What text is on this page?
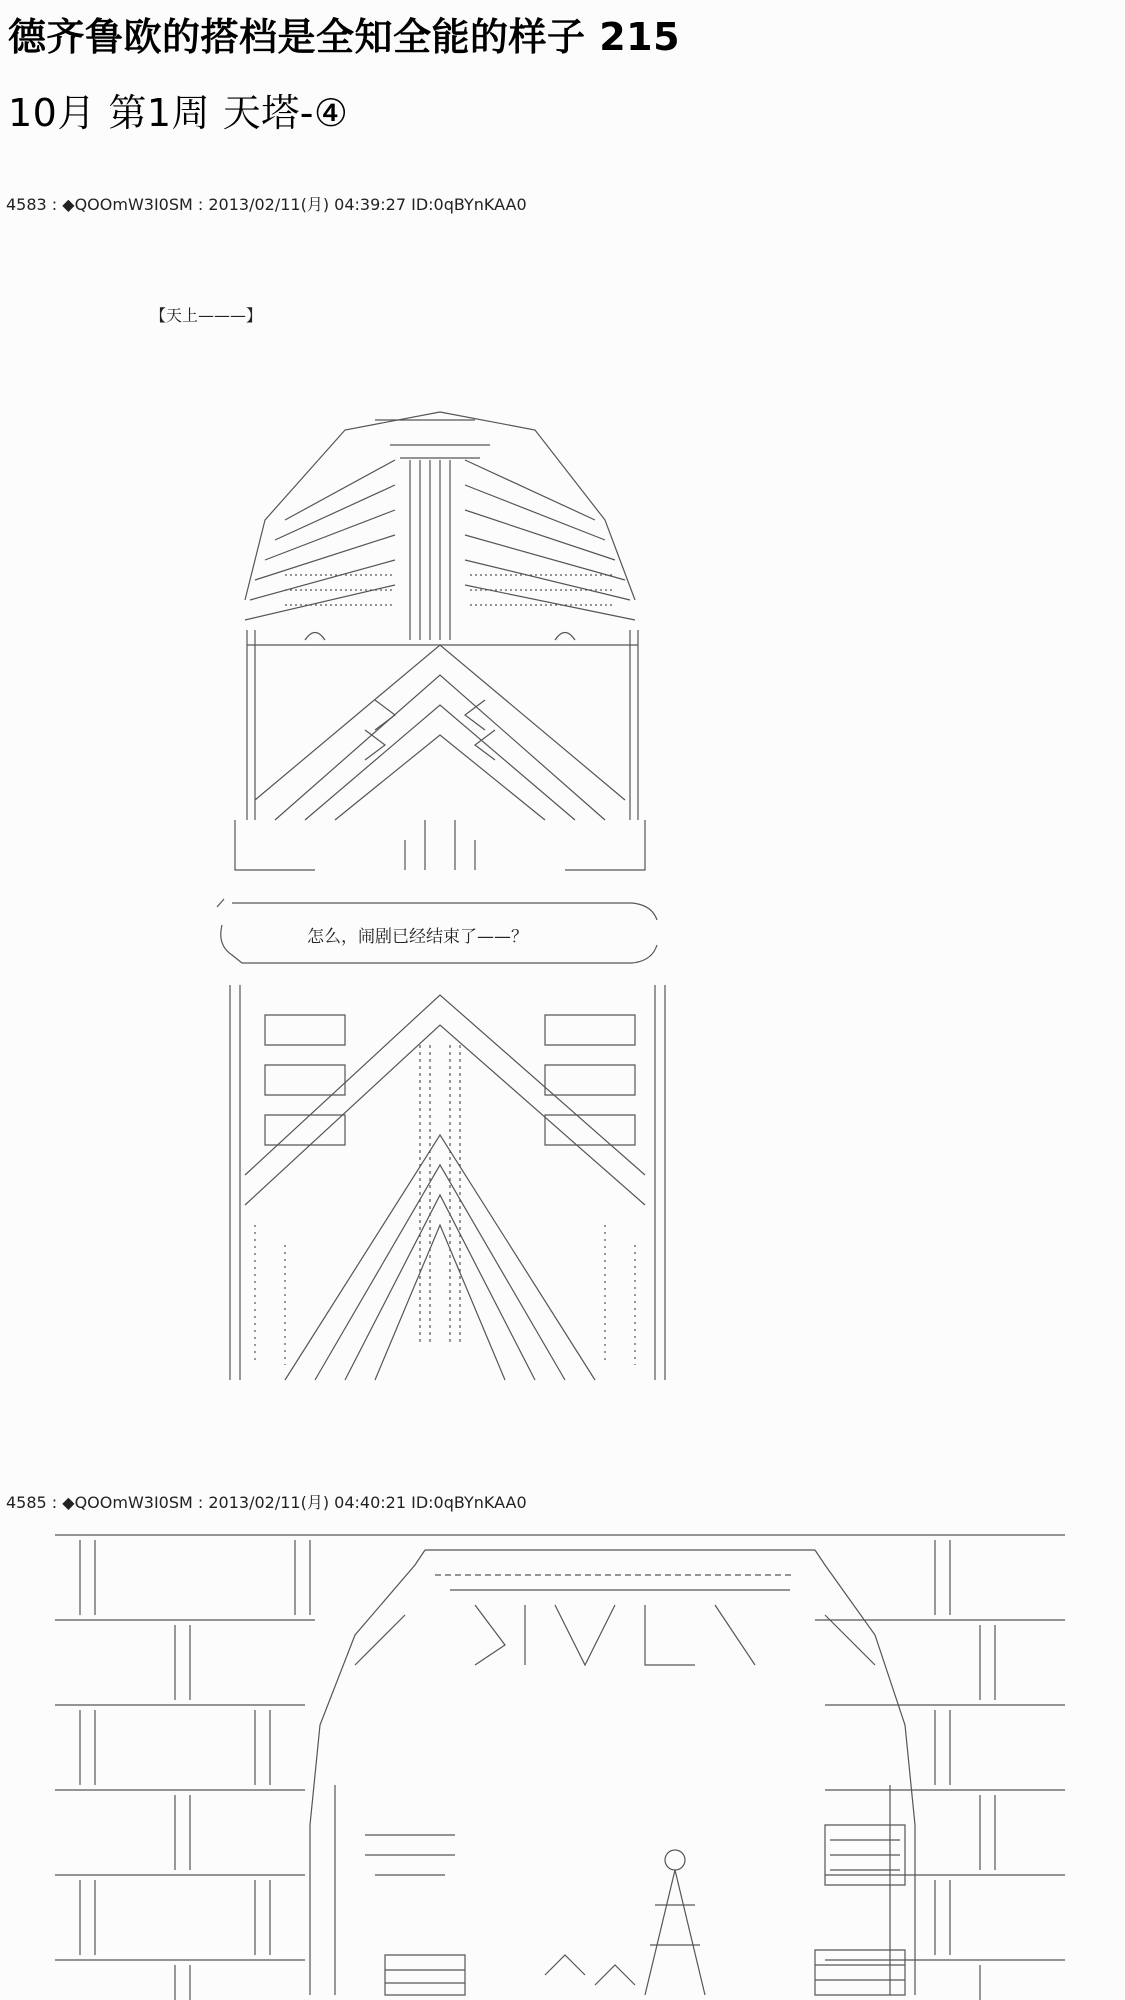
德齐鲁欧的搭档是全知全能的样子 215
10月 第1周 天塔-④
4583 : ◆QOOmW3I0SM : 2013/02/11(月) 04:39:27 ID:0qBYnKAA0
【天上———】
怎么，闹剧已经结束了——？
4585 : ◆QOOmW3I0SM : 2013/02/11(月) 04:40:21 ID:0qBYnKAA0
